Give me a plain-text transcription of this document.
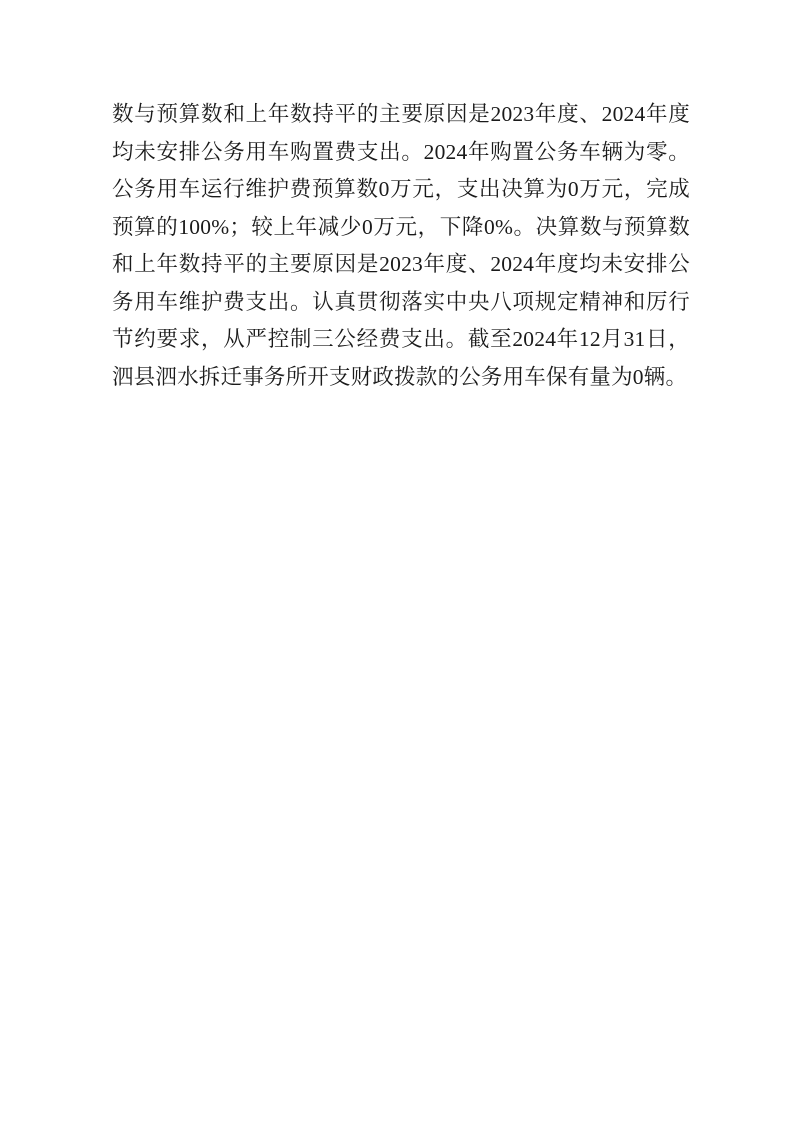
数与预算数和上年数持平的主要原因是2023年度、2024年度均未安排公务用车购置费支出。2024年购置公务车辆为零。公务用车运行维护费预算数0万元，支出决算为0万元，完成预算的100%；较上年减少0万元，下降0%。决算数与预算数和上年数持平的主要原因是2023年度、2024年度均未安排公务用车维护费支出。认真贯彻落实中央八项规定精神和厉行节约要求，从严控制三公经费支出。截至2024年12月31日，泗县泗水拆迁事务所开支财政拨款的公务用车保有量为0辆。
